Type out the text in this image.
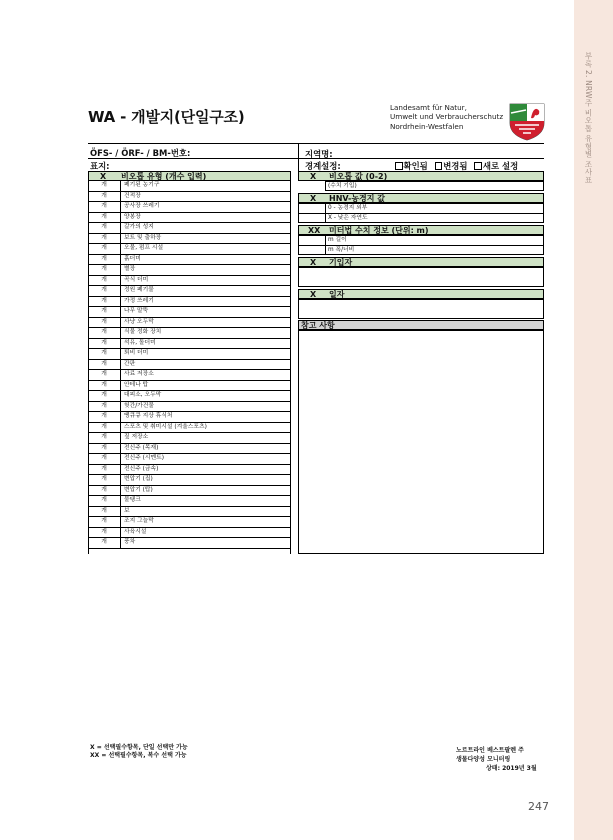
부록 2. NRW주 비오톱 유형별 조사표
WA - 개발지(단일구조)
Landesamt für Natur,
Umwelt und Verbraucherschutz
Nordrhein-Westfalen
ÖFS- / ÖRF- / BM-번호:	지역명:
표지:	경계설정:	확인됨 변경됨 새로 설정
X 비오톱 유형 (개수 입력)
개	폐기된 농기구
개	건적장
개	공사장 쓰레기
개	양봉장
개	갈가의 성지
개	보트 및 출하장
개	오물, 펌프 시설
개	흙더미
개	별장
개	곡식 더미
개	정원 폐기물
개	가정 쓰레기
개	나무 말뚝
개	사냥 오두막
개	식물 정화 장치
개	석유, 돌더미
개	퇴비 더미
개	간판
개	사료 저장소
개	안테나 탑
개	대피소, 오두막
개	헛간/가건물
개	땡큐큐 지상 휴식처
개	스포츠 및 취미시설 (겨울스포츠)
개	짚 저장소
개	전신주 (목재)
개	전신주 (시멘트)
개	전신주 (금속)
개	변압기 (집)
개	변압기 (탑)
개	물탱크
개	보
개	조지 그늘막
개	사육시설
개	풍차
X 비오톱 값 (0-2)
(수치 기입)
X HNV-농경지 값
0 - 농경지 외부
X - 낮은 자연도
XX 미터법 수치 정보 (단위: m)
m 길이
m 폭/너비
X 기입자
X 일자
참고 사항
X = 선택필수항목, 단일 선택만 가능
XX = 선택필수항목, 복수 선택 가능
노르트라인 베스트팔렌 주
생물다양성 모니터링
상태: 2019년 3월
247
